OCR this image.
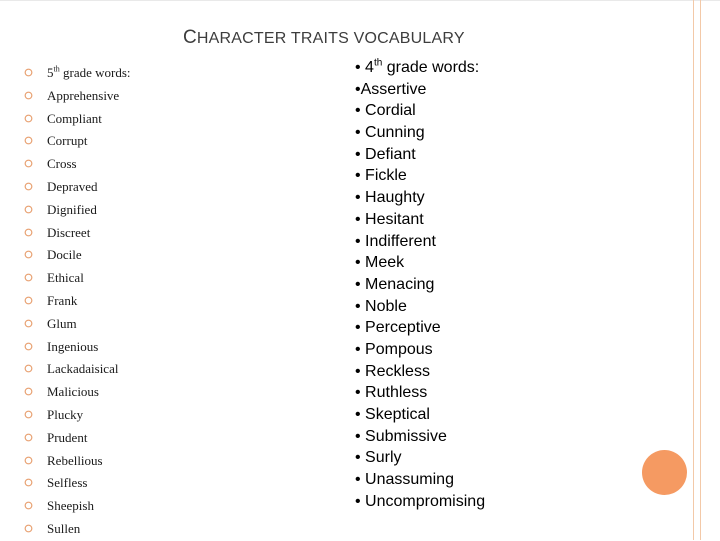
CHARACTER TRAITS VOCABULARY
5th grade words:
Apprehensive
Compliant
Corrupt
Cross
Depraved
Dignified
Discreet
Docile
Ethical
Frank
Glum
Ingenious
Lackadaisical
Malicious
Plucky
Prudent
Rebellious
Selfless
Sheepish
Sullen
• 4th grade words:
•Assertive
• Cordial
• Cunning
• Defiant
• Fickle
• Haughty
• Hesitant
• Indifferent
• Meek
• Menacing
• Noble
• Perceptive
• Pompous
• Reckless
• Ruthless
• Skeptical
• Submissive
• Surly
• Unassuming
• Uncompromising
